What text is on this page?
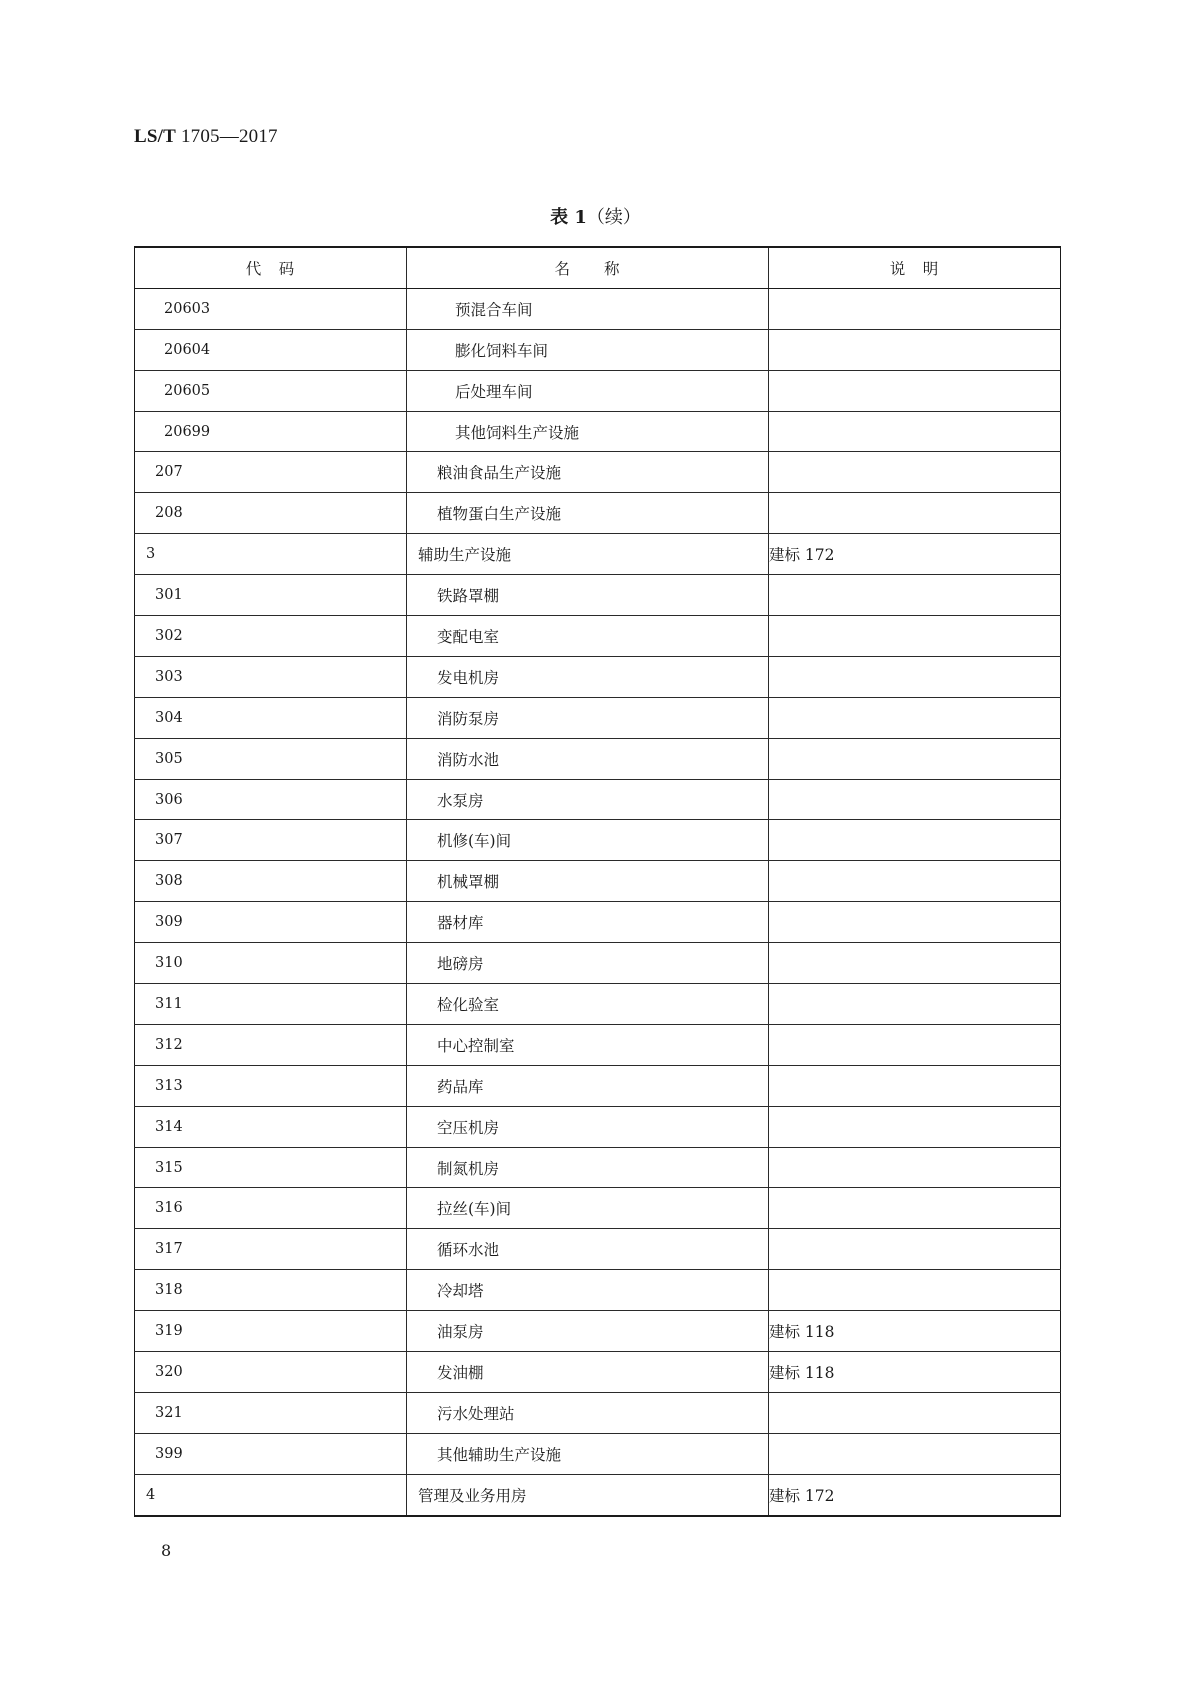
LS/T 1705—2017
表 1（续）
代　码	名　　称	说　明
20603	预混合车间	
20604	膨化饲料车间	
20605	后处理车间	
20699	其他饲料生产设施	
207	粮油食品生产设施	
208	植物蛋白生产设施	
3	辅助生产设施	建标 172
301	铁路罩棚	
302	变配电室	
303	发电机房	
304	消防泵房	
305	消防水池	
306	水泵房	
307	机修(车)间	
308	机械罩棚	
309	器材库	
310	地磅房	
311	检化验室	
312	中心控制室	
313	药品库	
314	空压机房	
315	制氮机房	
316	拉丝(车)间	
317	循环水池	
318	冷却塔	
319	油泵房	建标 118
320	发油棚	建标 118
321	污水处理站	
399	其他辅助生产设施	
4	管理及业务用房	建标 172
8
